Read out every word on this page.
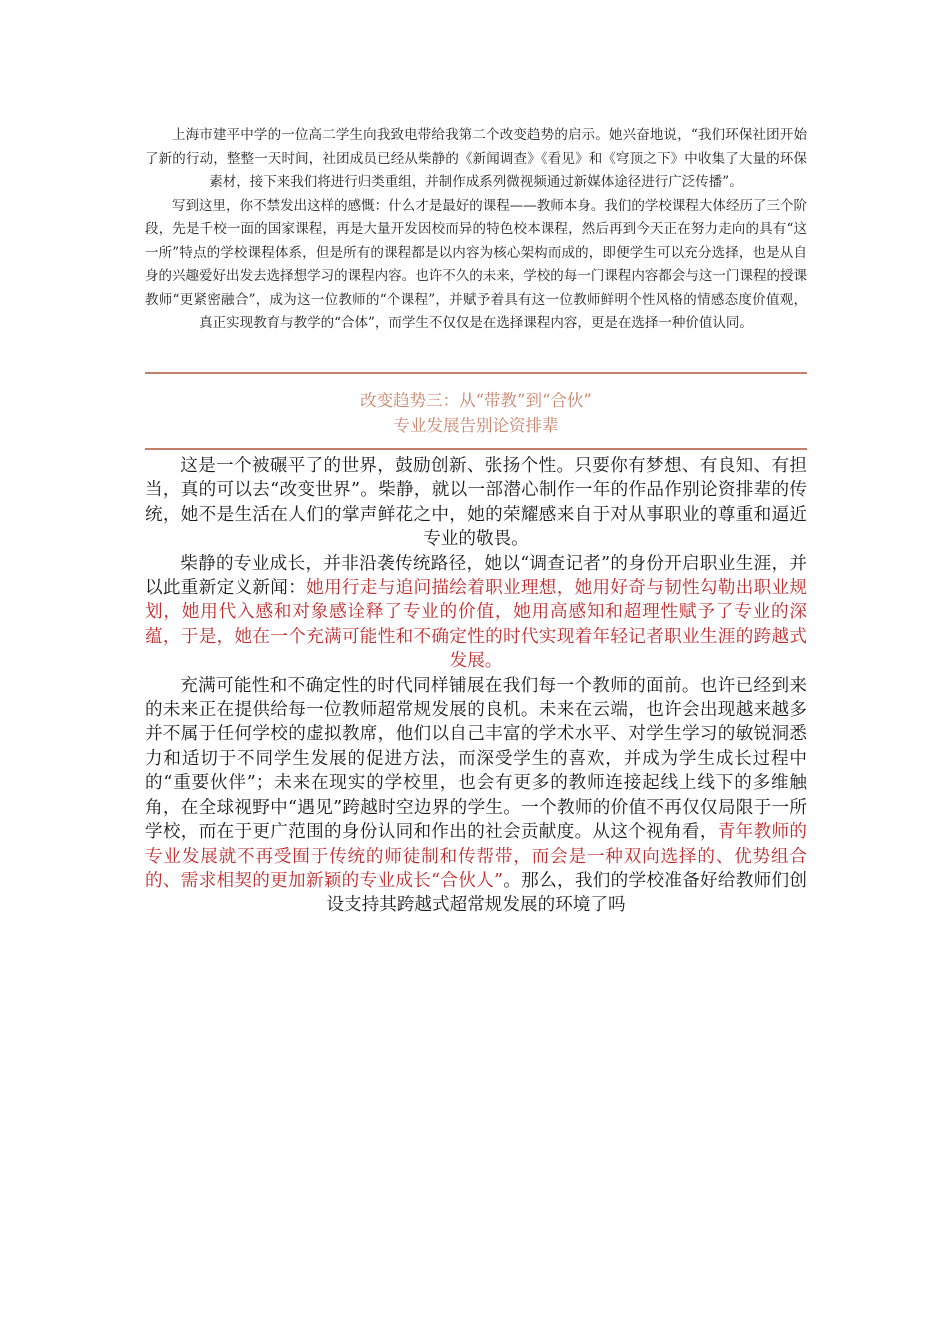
上海市建平中学的一位高二学生向我致电带给我第二个改变趋势的启示。她兴奋地说，“我们环保社团开始了新的行动，整整一天时间，社团成员已经从柴静的《新闻调查》《看见》和《穹顶之下》中收集了大量的环保素材，接下来我们将进行归类重组，并制作成系列微视频通过新媒体途径进行广泛传播”。

写到这里，你不禁发出这样的感慨：什么才是最好的课程——教师本身。我们的学校课程大体经历了三个阶段，先是千校一面的国家课程，再是大量开发因校而异的特色校本课程，然后再到今天正在努力走向的具有“这一所”特点的学校课程体系，但是所有的课程都是以内容为核心架构而成的，即便学生可以充分选择，也是从自身的兴趣爱好出发去选择想学习的课程内容。也许不久的未来，学校的每一门课程内容都会与这一门课程的授课教师“更紧密融合”，成为这一位教师的“个课程”，并赋予着具有这一位教师鲜明个性风格的情感态度价值观，真正实现教育与教学的“合体”，而学生不仅仅是在选择课程内容，更是在选择一种价值认同。

改变趋势三：从“带教”到“合伙”
专业发展告别论资排辈

这是一个被碾平了的世界，鼓励创新、张扬个性。只要你有梦想、有良知、有担当，真的可以去“改变世界”。柴静，就以一部潜心制作一年的作品作别论资排辈的传统，她不是生活在人们的掌声鲜花之中，她的荣耀感来自于对从事职业的尊重和逼近专业的敬畏。

柴静的专业成长，并非沿袭传统路径，她以“调查记者”的身份开启职业生涯，并以此重新定义新闻：她用行走与追问描绘着职业理想，她用好奇与韧性勾勒出职业规划，她用代入感和对象感诠释了专业的价值，她用高感知和超理性赋予了专业的深蕴，于是，她在一个充满可能性和不确定性的时代实现着年轻记者职业生涯的跨越式发展。

充满可能性和不确定性的时代同样铺展在我们每一个教师的面前。也许已经到来的未来正在提供给每一位教师超常规发展的良机。未来在云端，也许会出现越来越多并不属于任何学校的虚拟教席，他们以自己丰富的学术水平、对学生学习的敏锐洞悉力和适切于不同学生发展的促进方法，而深受学生的喜欢，并成为学生成长过程中的“重要伙伴”；未来在现实的学校里，也会有更多的教师连接起线上线下的多维触角，在全球视野中“遇见”跨越时空边界的学生。一个教师的价值不再仅仅局限于一所学校，而在于更广范围的身份认同和作出的社会贡献度。从这个视角看，青年教师的专业发展就不再受囿于传统的师徒制和传帮带，而会是一种双向选择的、优势组合的、需求相契的更加新颖的专业成长“合伙人”。那么，我们的学校准备好给教师们创设支持其跨越式超常规发展的环境了吗
